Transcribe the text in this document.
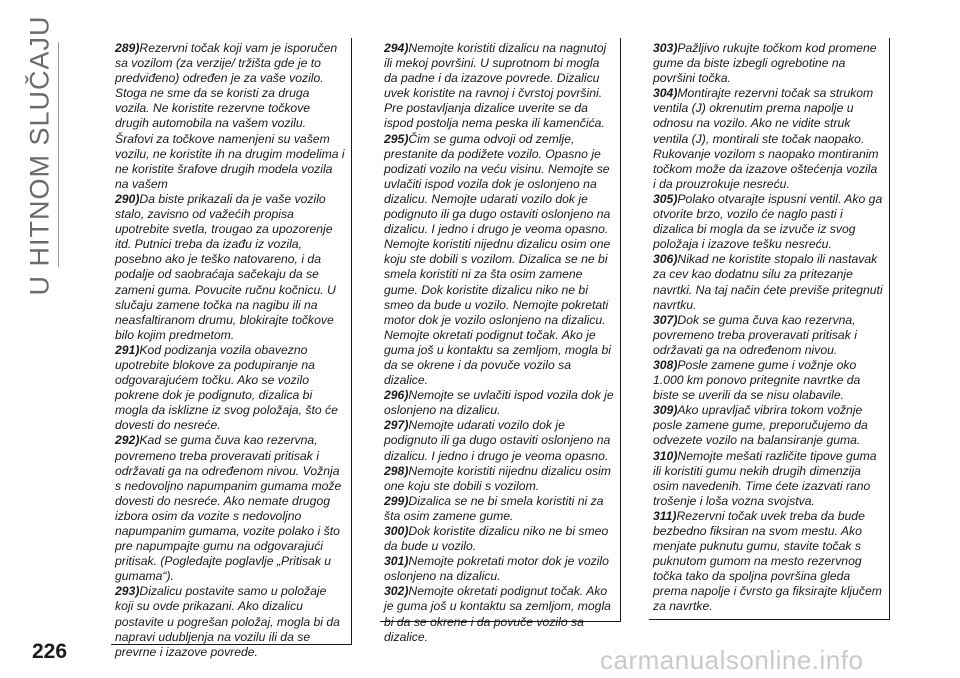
U HITNOM SLUČAJU	289)Rezervni točak koji vam je isporučen sa vozilom (za verzije/ tržišta gde je to predviđeno) određen je za vašе vozilo. Stoga ne sme da se koristi za druga vozila. Ne koristite rezervne točkove drugih automobila na vašem vozilu. Šrafovi za točkove namenjeni su vašem vozilu, ne koristite ih na drugim modelima i ne koristite šrafove drugih modela vozila na vašem

290)Da biste prikazali da je vaše vozilo stalo, zavisno od važećih propisa upotrebite svetla, trougao za upozorenje itd. Putnici treba da izađu iz vozila, posebno ako je teško natovareno, i da podalje od saobraćaja sačekaju da se zameni guma. Povucite ručnu kočnicu. U slučaju zamene točka na nagibu ili na neasfaltiranom drumu, blokirajte točkove bilo kojim predmetom.

291)Kod podizanja vozila obavezno upotrebite blokove za podupiranje na odgovarajućem točku. Ako se vozilo pokrene dok je podignuto, dizalica bi mogla da isklizne iz svog položaja, što će dovesti do nesreće.

292)Kad se guma čuva kao rezervna, povremeno treba proveravati pritisak i održavati ga na određenom nivou. Vožnja s nedovoljno napumpanim gumama može dovesti do nesreće. Ako nemate drugog izbora osim da vozite s nedovoljno napumpanim gumama, vozite polako i što pre napumpajte gumu na odgovarajući pritisak. (Pogledajte poglavlje „Pritisak u gumama“).

293)Dizalicu postavite samo u položaje koji su ovde prikazani. Ako dizalicu postavite u pogrešan položaj, mogla bi da napravi udubljenja na vozilu ili da se prevrne i izazove povrede.

294)Nemojte koristiti dizalicu na nagnutoj ili mekoj površini. U suprotnom bi mogla da padne i da izazove povrede. Dizalicu uvek koristite na ravnoj i čvrstoj površini. Pre postavljanja dizalice uverite se da ispod postolja nema peska ili kamenčića.

295)Čim se guma odvoji od zemlje, prestanite da podižete vozilo. Opasno je podizati vozilo na veću visinu. Nemojte se uvlačiti ispod vozila dok je oslonjeno na dizalicu. Nemojte udarati vozilo dok je podignuto ili ga dugo ostaviti oslonjeno na dizalicu. I jedno i drugo je veoma opasno. Nemojte koristiti nijednu dizalicu osim one koju ste dobili s vozilom. Dizalica se ne bi smela koristiti ni za šta osim zamene gume. Dok koristite dizalicu niko ne bi smeo da bude u vozilo. Nemojte pokretati motor dok je vozilo oslonjeno na dizalicu. Nemojte okretati podignut točak. Ako je guma još u kontaktu sa zemljom, mogla bi da se okrene i da povuče vozilo sa dizalice.

296)Nemojte se uvlačiti ispod vozila dok je oslonjeno na dizalicu.

297)Nemojte udarati vozilo dok je podignuto ili ga dugo ostaviti oslonjeno na dizalicu. I jedno i drugo je veoma opasno.

298)Nemojte koristiti nijednu dizalicu osim one koju ste dobili s vozilom.

299)Dizalica se ne bi smela koristiti ni za šta osim zamene gume.

300)Dok koristite dizalicu niko ne bi smeo da bude u vozilo.

301)Nemojte pokretati motor dok je vozilo oslonjeno na dizalicu.

302)Nemojte okretati podignut točak. Ako je guma još u kontaktu sa zemljom, mogla bi da se okrene i da povuče vozilo sa dizalice.

303)Pažljivo rukujte točkom kod promene gume da biste izbegli ogrebotine na površini točka.

304)Montirajte rezervni točak sa strukom ventila (J) okrenutim prema napolje u odnosu na vozilo. Ako ne vidite struk ventila (J), montirali ste točak naopako. Rukovanje vozilom s naopako montiranim točkom može da izazove oštećenja vozila i da prouzrokuje nesreću.

305)Polako otvarajte ispusni ventil. Ako ga otvorite brzo, vozilo će naglo pasti i dizalica bi mogla da se izvuče iz svog položaja i izazove tešku nesreću.

306)Nikad ne koristite stopalo ili nastavak za cev kao dodatnu silu za pritezanje navrtki. Na taj način ćete previše pritegnuti navrtku.

307)Dok se guma čuva kao rezervna, povremeno treba proveravati pritisak i održavati ga na određenom nivou.

308)Posle zamene gume i vožnje oko 1.000 km ponovo pritegnite navrtke da biste se uverili da se nisu olabavile.

309)Ako upravljač vibrira tokom vožnje posle zamene gume, preporučujemo da odvezete vozilo na balansiranje guma.

310)Nemojte mešati različite tipove guma ili koristiti gumu nekih drugih dimenzija osim navedenih. Time ćete izazvati rano trošenje i loša vozna svojstva.

311)Rezervni točak uvek treba da bude bezbedno fiksiran na svom mestu. Ako menjate puknutu gumu, stavite točak s puknutom gumom na mesto rezervnog točka tako da spoljna površina gleda prema napolje i čvrsto ga fiksirajte ključem za navrtke.

226	carmanualsonline.info
